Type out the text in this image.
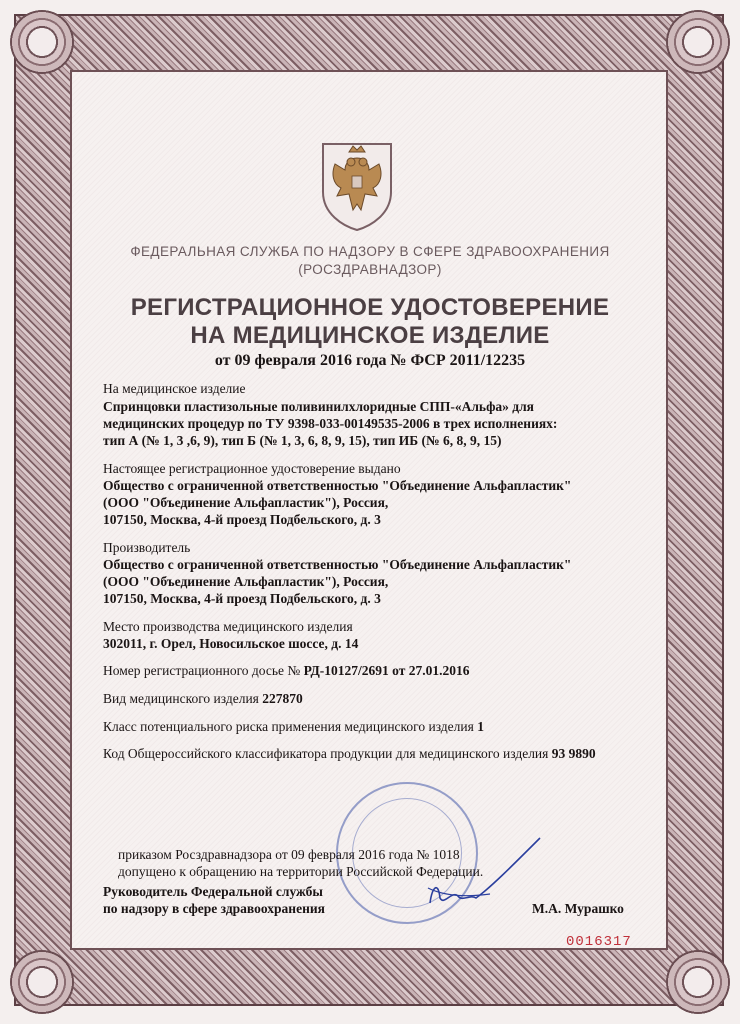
ФЕДЕРАЛЬНАЯ СЛУЖБА ПО НАДЗОРУ В СФЕРЕ ЗДРАВООХРАНЕНИЯ
(РОСЗДРАВНАДЗОР)
РЕГИСТРАЦИОННОЕ УДОСТОВЕРЕНИЕ
НА МЕДИЦИНСКОЕ ИЗДЕЛИЕ
от 09 февраля 2016 года № ФСР 2011/12235
На медицинское изделие
Спринцовки пластизольные поливинилхлоридные СПП-«Альфа» для
медицинских процедур по ТУ 9398-033-00149535-2006 в трех исполнениях:
тип А (№ 1, 3 ,6, 9), тип Б (№ 1, 3, 6, 8, 9, 15), тип ИБ (№ 6, 8, 9, 15)
Настоящее регистрационное удостоверение выдано
Общество с ограниченной ответственностью "Объединение Альфапластик"
(ООО "Объединение Альфапластик"), Россия,
107150, Москва, 4-й проезд Подбельского, д. 3
Производитель
Общество с ограниченной ответственностью "Объединение Альфапластик"
(ООО "Объединение Альфапластик"), Россия,
107150, Москва, 4-й проезд Подбельского, д. 3
Место производства медицинского изделия
302011, г. Орел, Новосильское шоссе, д. 14
Номер регистрационного досье № РД-10127/2691 от 27.01.2016
Вид медицинского изделия 227870
Класс потенциального риска применения медицинского изделия 1
Код Общероссийского классификатора продукции для медицинского изделия 93 9890
приказом Росздравнадзора от 09 февраля 2016 года № 1018
допущено к обращению на территории Российской Федерации.
Руководитель Федеральной службы
по надзору в сфере здравоохранения	М.А. Мурашко
0016317
